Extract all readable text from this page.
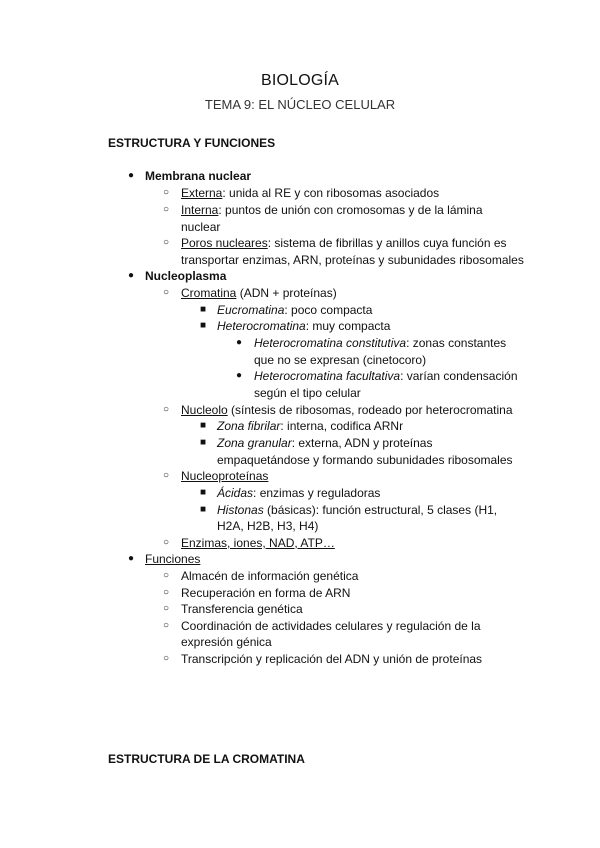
BIOLOGÍA
TEMA 9: EL NÚCLEO CELULAR
ESTRUCTURA Y FUNCIONES
● Membrana nuclear
○ Externa: unida al RE y con ribosomas asociados
○ Interna: puntos de unión con cromosomas y de la lámina
nuclear
○ Poros nucleares: sistema de fibrillas y anillos cuya función es
transportar enzimas, ARN, proteínas y subunidades ribosomales
● Nucleoplasma
○ Cromatina (ADN + proteínas)
■ Eucromatina: poco compacta
■ Heterocromatina: muy compacta
● Heterocromatina constitutiva: zonas constantes
que no se expresan (cinetocoro)
● Heterocromatina facultativa: varían condensación
según el tipo celular
○ Nucleolo (síntesis de ribosomas, rodeado por heterocromatina
■ Zona fibrilar: interna, codifica ARNr
■ Zona granular: externa, ADN y proteínas
empaquetándose y formando subunidades ribosomales
○ Nucleoproteínas
■ Ácidas: enzimas y reguladoras
■ Histonas (básicas): función estructural, 5 clases (H1,
H2A, H2B, H3, H4)
○ Enzimas, iones, NAD, ATP…
● Funciones
○ Almacén de información genética
○ Recuperación en forma de ARN
○ Transferencia genética
○ Coordinación de actividades celulares y regulación de la
expresión génica
○ Transcripción y replicación del ADN y unión de proteínas
ESTRUCTURA DE LA CROMATINA
